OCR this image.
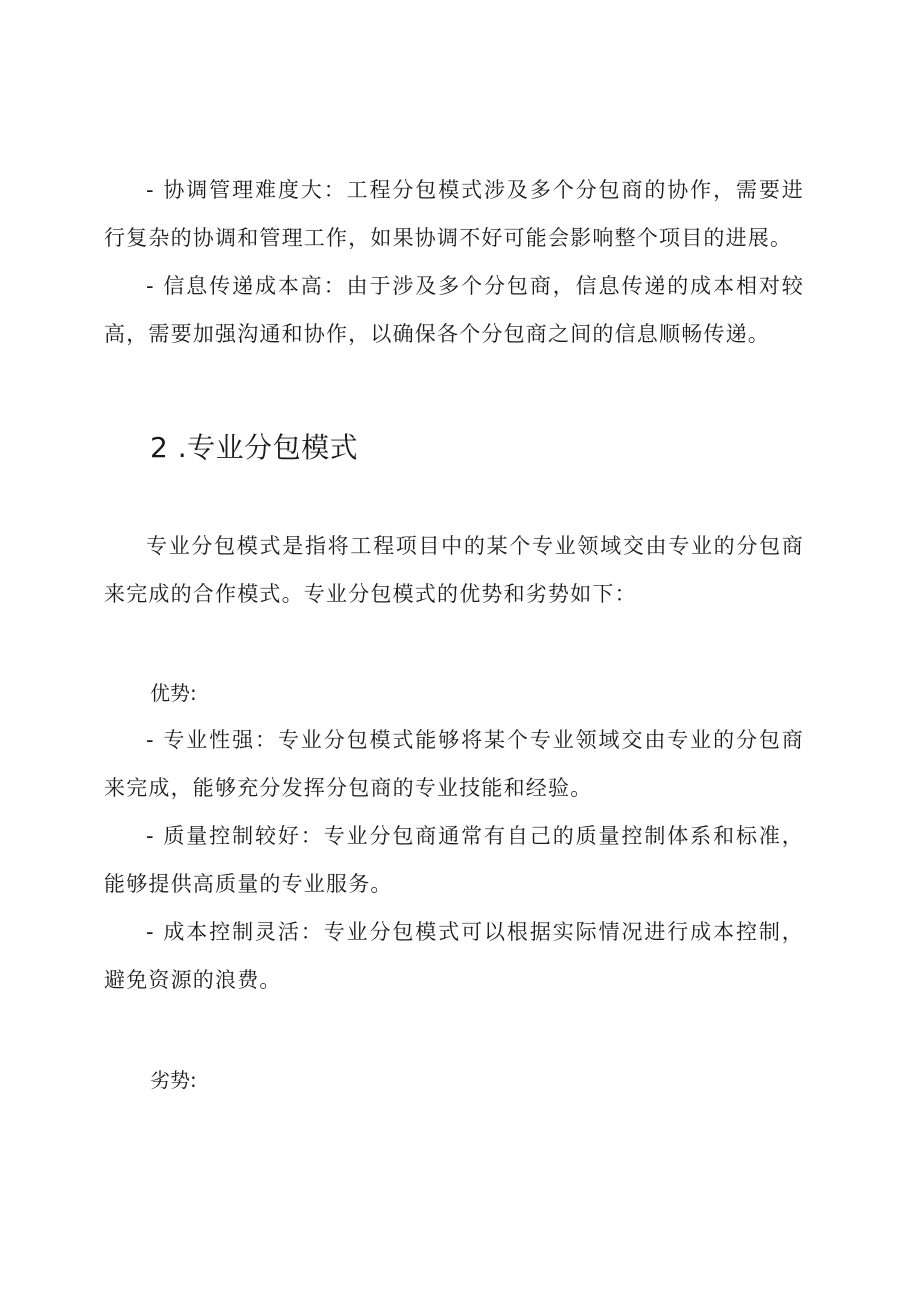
- 协调管理难度大：工程分包模式涉及多个分包商的协作，需要进行复杂的协调和管理工作，如果协调不好可能会影响整个项目的进展。

- 信息传递成本高：由于涉及多个分包商，信息传递的成本相对较高，需要加强沟通和协作，以确保各个分包商之间的信息顺畅传递。

2 .专业分包模式

专业分包模式是指将工程项目中的某个专业领域交由专业的分包商来完成的合作模式。专业分包模式的优势和劣势如下：

优势:

- 专业性强：专业分包模式能够将某个专业领域交由专业的分包商来完成，能够充分发挥分包商的专业技能和经验。

- 质量控制较好：专业分包商通常有自己的质量控制体系和标准，能够提供高质量的专业服务。

- 成本控制灵活：专业分包模式可以根据实际情况进行成本控制，避免资源的浪费。

劣势:
